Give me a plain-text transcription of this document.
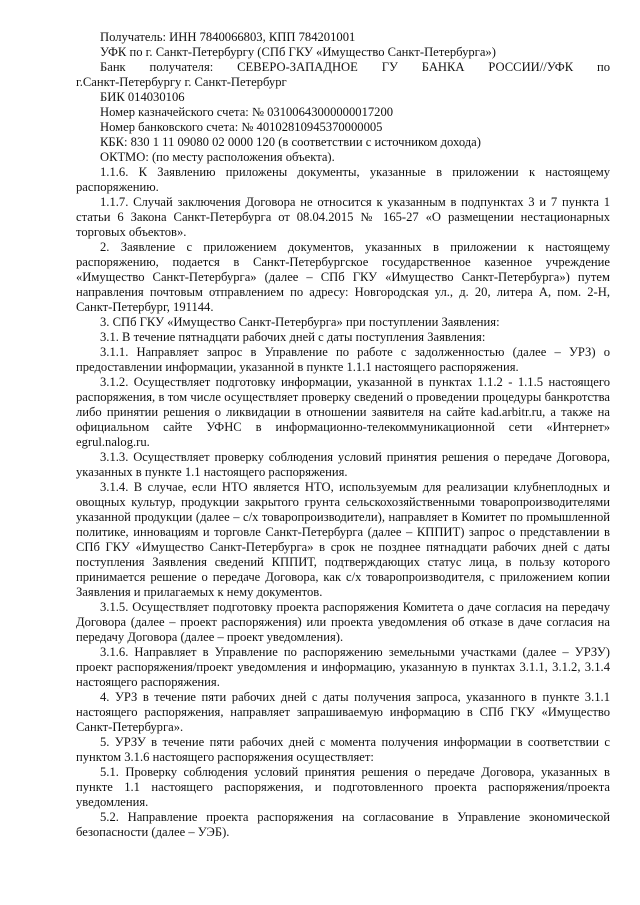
Получатель: ИНН 7840066803, КПП 784201001

УФК по г. Санкт-Петербургу (СПб ГКУ «Имущество Санкт-Петербурга»)

Банк получателя: СЕВЕРО-ЗАПАДНОЕ ГУ БАНКА РОССИИ//УФК по

г.Санкт-Петербургу г. Санкт-Петербург

БИК 014030106

Номер казначейского счета: № 03100643000000017200

Номер банковского счета: № 40102810945370000005

КБК: 830 1 11 09080 02 0000 120 (в соответствии с источником дохода)

ОКТМО: (по месту расположения объекта).

1.1.6. К Заявлению приложены документы, указанные в приложении к настоящему распоряжению.

1.1.7. Случай заключения Договора не относится к указанным в подпунктах 3 и 7 пункта 1 статьи 6 Закона Санкт-Петербурга от 08.04.2015 № 165-27 «О размещении нестационарных торговых объектов».

2. Заявление с приложением документов, указанных в приложении к настоящему распоряжению, подается в Санкт-Петербургское государственное казенное учреждение «Имущество Санкт-Петербурга» (далее – СПб ГКУ «Имущество Санкт-Петербурга») путем направления почтовым отправлением по адресу: Новгородская ул., д. 20, литера А, пом. 2-Н, Санкт-Петербург, 191144.

3. СПб ГКУ «Имущество Санкт-Петербурга» при поступлении Заявления:

3.1. В течение пятнадцати рабочих дней с даты поступления Заявления:

3.1.1. Направляет запрос в Управление по работе с задолженностью (далее – УРЗ) о предоставлении информации, указанной в пункте 1.1.1 настоящего распоряжения.

3.1.2. Осуществляет подготовку информации, указанной в пунктах 1.1.2 - 1.1.5 настоящего распоряжения, в том числе осуществляет проверку сведений о проведении процедуры банкротства либо принятии решения о ликвидации в отношении заявителя на сайте kad.arbitr.ru, а также на официальном сайте УФНС в информационно-телекоммуникационной сети «Интернет» egrul.nalog.ru.

3.1.3. Осуществляет проверку соблюдения условий принятия решения о передаче Договора, указанных в пункте 1.1 настоящего распоряжения.

3.1.4. В случае, если НТО является НТО, используемым для реализации клубнеплодных и овощных культур, продукции закрытого грунта сельскохозяйственными товаропроизводителями указанной продукции (далее – с/х товаропроизводители), направляет в Комитет по промышленной политике, инновациям и торговле Санкт-Петербурга (далее – КППИТ) запрос о представлении в СПб ГКУ «Имущество Санкт-Петербурга» в срок не позднее пятнадцати рабочих дней с даты поступления Заявления сведений КППИТ, подтверждающих статус лица, в пользу которого принимается решение о передаче Договора, как с/х товаропроизводителя, с приложением копии Заявления и прилагаемых к нему документов.

3.1.5. Осуществляет подготовку проекта распоряжения Комитета о даче согласия на передачу Договора (далее – проект распоряжения) или проекта уведомления об отказе в даче согласия на передачу Договора (далее – проект уведомления).

3.1.6. Направляет в Управление по распоряжению земельными участками (далее – УРЗУ) проект распоряжения/проект уведомления и информацию, указанную в пунктах 3.1.1, 3.1.2, 3.1.4 настоящего распоряжения.

4. УРЗ в течение пяти рабочих дней с даты получения запроса, указанного в пункте 3.1.1 настоящего распоряжения, направляет запрашиваемую информацию в СПб ГКУ «Имущество Санкт-Петербурга».

5. УРЗУ в течение пяти рабочих дней с момента получения информации в соответствии с пунктом 3.1.6 настоящего распоряжения осуществляет:

5.1. Проверку соблюдения условий принятия решения о передаче Договора, указанных в пункте 1.1 настоящего распоряжения, и подготовленного проекта распоряжения/проекта уведомления.

5.2. Направление проекта распоряжения на согласование в Управление экономической безопасности (далее – УЭБ).
